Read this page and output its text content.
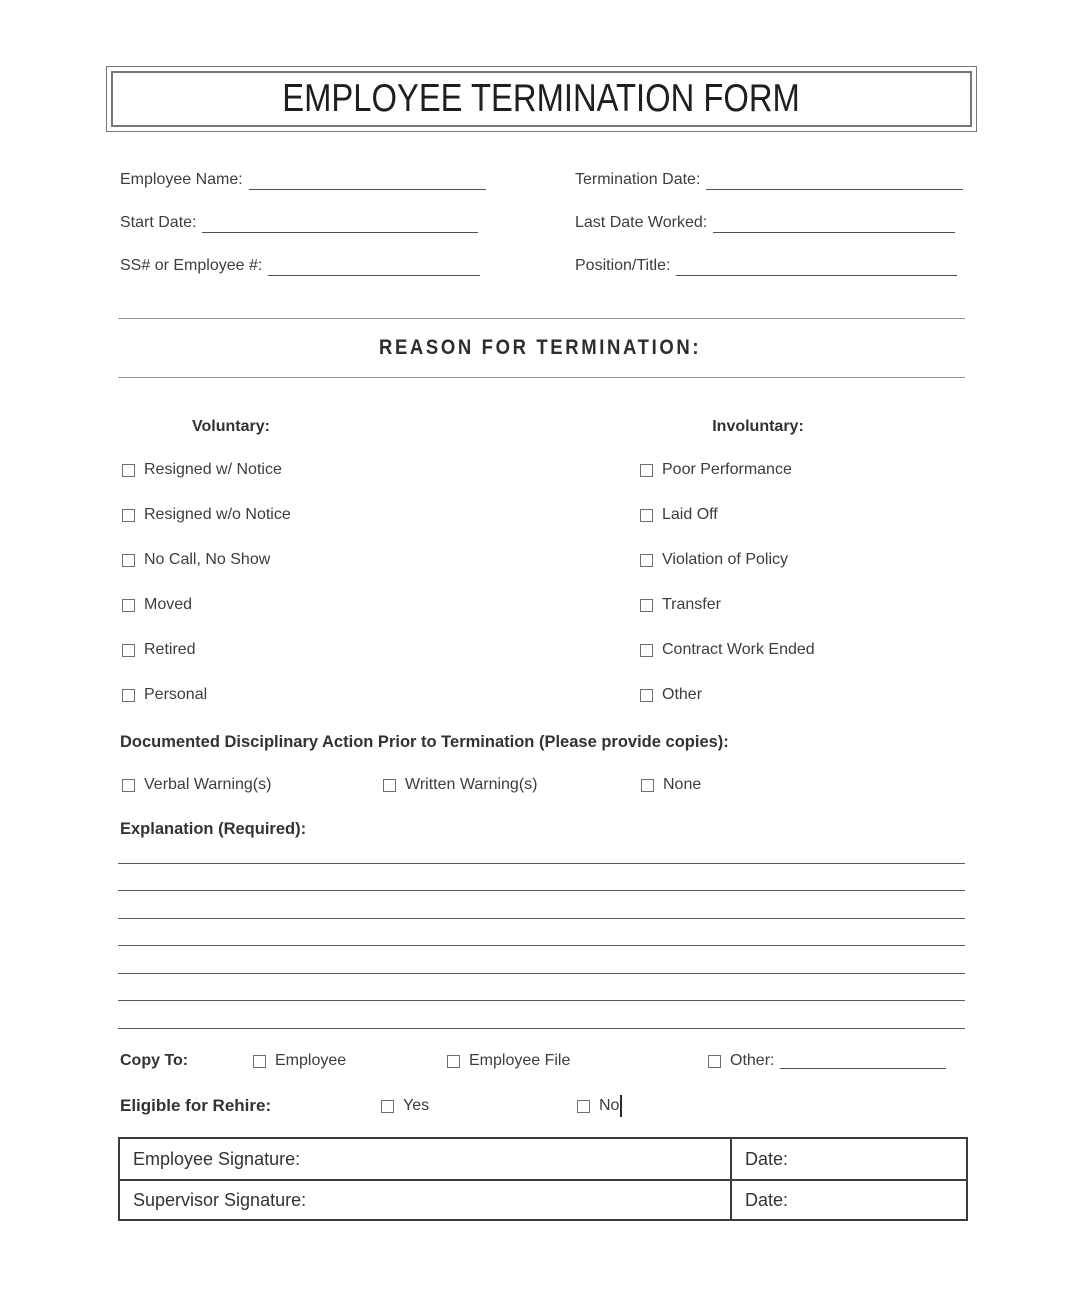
EMPLOYEE TERMINATION FORM
Employee Name:
Start Date:
SS# or Employee #:
Termination Date:
Last Date Worked:
Position/Title:
REASON FOR TERMINATION:
Voluntary:	Involuntary:
Resigned w/ Notice
Resigned w/o Notice
No Call, No Show
Moved
Retired
Personal
Poor Performance
Laid Off
Violation of Policy
Transfer
Contract Work Ended
Other
Documented Disciplinary Action Prior to Termination (Please provide copies):
Verbal Warning(s)	Written Warning(s)	None
Explanation (Required):
Copy To:	Employee	Employee File	Other:
Eligible for Rehire:	Yes	No
Employee Signature:	Date:
Supervisor Signature:	Date:
